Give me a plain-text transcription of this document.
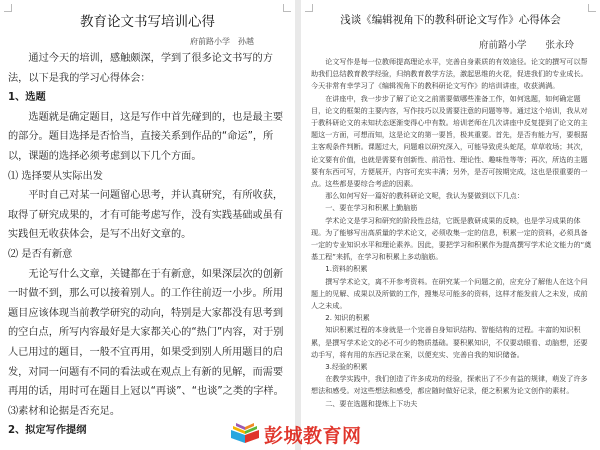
教育论文书写培训心得
府前路小学　孙越

通过今天的培训，感触颇深，学到了很多论文书写的方法，以下是我的学习心得体会：

1、选题

选题就是确定题目，这是写作中首先碰到的，也是最主要的部分。题目选择是否恰当，直接关系到作品的“命运”，所以，课题的选择必须考虑到以下几个方面。

⑴ 选择要从实际出发

平时自己对某一问题留心思考，并认真研究，有所收获，取得了研究成果的，才有可能考虑写作，没有实践基础或虽有实践但无收获体会，是写不出好文章的。

⑵ 是否有新意

无论写什么文章，关键都在于有新意，如果深层次的创新一时做不到，那么可以接着别人。的工作往前迈一小步。所用题目应该体现当前教学研究的动向，特别是大家都没有思考到的空白点，所写内容最好是大家都关心的“热门”内容，对于别人已用过的题目，一般不宜再用，如果受到别人所用题目的启发，对同一问题有不同的看法或在观点上有新的见解，而需要再用的话，用时可在题目上冠以“再谈”、“也谈”之类的字样。

⑶素材和论据是否充足。

2、拟定写作提纲

浅谈《编辑视角下的教科研论文写作》心得体会
府前路小学　　张永玲

论文写作是每一位教师提高理论水平，完善自身素质的有效途径。论文的撰写可以帮助我们总结教育教学经验，归纳教育教学方法，激起思维的火花，促进我们的专业成长。今天非常有幸学习了《编辑视角下的教科研论文写作》的培训讲座，收获满满。

在讲座中，我一步步了解了论文之前需要做哪些准备工作，如何选题，如何确定题目，论文的框架的主要内容，写作技巧以及需要注意的问题等等。通过这个培训，我从对于教科研论文的未知状态逐渐变得心中有数。培训老师在几次讲座中反复提到了论文的主题这一方面，可想而知，这是论文的第一要旨，极其重要。首先，是否有能力写，要根据主客观条件判断。课题过大，问题难以研究深入，可能导致虎头蛇尾，草草收场；其次，论文要有价值，也就是需要有创新性、前沿性、理论性、趣味性等等；再次，所选的主题要有东西可写，方便展开，内容可充实丰满；另外，是否可按期完成，这也是很重要的一点。这些都是要综合考虑的因素。

那么如何写好一篇好的教科研论文呢，我认为要做到以下几点：

一、要在学习和积累上勤脑筋

学术论文是学习和研究的阶段性总结，它既是教研成果的反映，也是学习成果的体现。为了能够写出高质量的学术论文，必须收集一定的信息，积累一定的资料，必须具备一定的专业知识水平和理论素养。因此，要把学习和积累作为提高撰写学术论文能力的“奠基工程”来抓，在学习和积累上多动脑筋。

1.资料的积累

撰写学术论文，离不开参考资料。在研究某一个问题之前，应充分了解他人在这个问题上的见解、成果以及所做的工作，搜集尽可能多的资料，这样才能发前人之未发，成前人之未成。

2. 知识的积累

知识积累过程的本身就是一个完善自身知识结构、智能结构的过程。丰富的知识积累，是撰写学术论文的必不可少的物质基础。要积累知识，不仅要动眼看、动脑想，还要动手写，将有用的东西记录在案，以便充实、完善自我的知识储备。

3.经验的积累

在教学实践中，我们创造了许多成功的经验，探索出了不少有益的规律，萌发了许多想法和感受。对这些想法和感受，都应随时做好记录，便之积累为论文创作的素材。

二、要在选题和提炼上下功夫

彭城教育网
